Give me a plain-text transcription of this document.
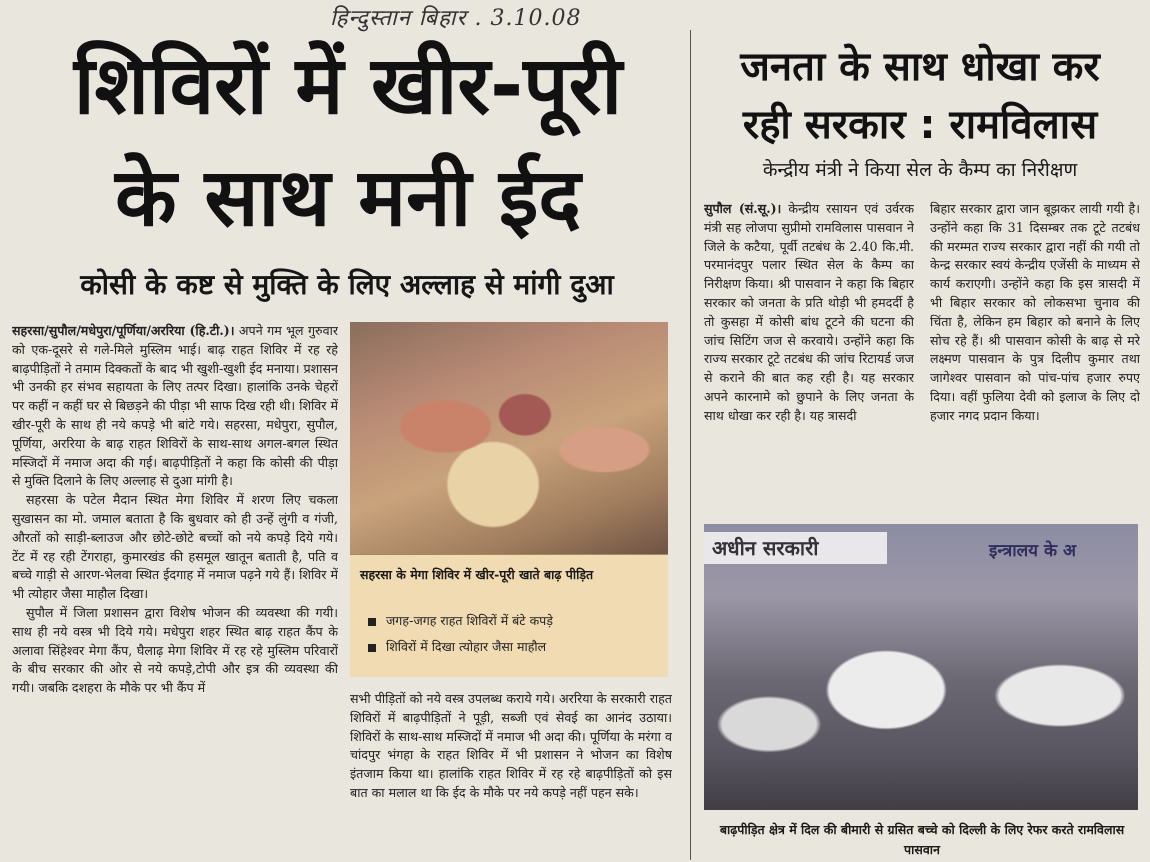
हिन्दुस्तान बिहार . 3.10.08
शिविरों में खीर-पूरी
के साथ मनी ईद
कोसी के कष्ट से मुक्ति के लिए अल्लाह से मांगी दुआ
सहरसा/सुपौल/मधेपुरा/पूर्णिया/अररिया (हि.टी.)। अपने गम भूल गुरुवार को एक-दूसरे से गले-मिले मुस्लिम भाई। बाढ़ राहत शिविर में रह रहे बाढ़पीड़ितों ने तमाम दिक्कतों के बाद भी खुशी-खुशी ईद मनाया। प्रशासन भी उनकी हर संभव सहायता के लिए तत्पर दिखा। हालांकि उनके चेहरों पर कहीं न कहीं घर से बिछड़ने की पीड़ा भी साफ दिख रही थी। शिविर में खीर-पूरी के साथ ही नये कपड़े भी बांटे गये। सहरसा, मधेपुरा, सुपौल, पूर्णिया, अररिया के बाढ़ राहत शिविरों के साथ-साथ अगल-बगल स्थित मस्जिदों में नमाज अदा की गई। बाढ़पीड़ितों ने कहा कि कोसी की पीड़ा से मुक्ति दिलाने के लिए अल्लाह से दुआ मांगी है।

सहरसा के पटेल मैदान स्थित मेगा शिविर में शरण लिए चकला सुखासन का मो. जमाल बताता है कि बुधवार को ही उन्हें लुंगी व गंजी, औरतों को साड़ी-ब्लाउज और छोटे-छोटे बच्चों को नये कपड़े दिये गये। टेंट में रह रही टेंगराहा, कुमारखंड की हसमूल खातून बताती है, पति व बच्चे गाड़ी से आरण-भेलवा स्थित ईदगाह में नमाज पढ़ने गये हैं। शिविर में भी त्योहार जैसा माहौल दिखा।

सुपौल में जिला प्रशासन द्वारा विशेष भोजन की व्यवस्था की गयी। साथ ही नये वस्त्र भी दिये गये। मधेपुरा शहर स्थित बाढ़ राहत कैंप के अलावा सिंहेश्वर मेगा कैंप, घैलाढ़ मेगा शिविर में रह रहे मुस्लिम परिवारों के बीच सरकार की ओर से नये कपड़े,टोपी और इत्र की व्यवस्था की गयी। जबकि दशहरा के मौके पर भी कैंप में

सहरसा के मेगा शिविर में खीर-पूरी खाते बाढ़ पीड़ित
जगह-जगह राहत शिविरों में बंटे कपड़े
शिविरों में दिखा त्योहार जैसा माहौल
सभी पीड़ितों को नये वस्त्र उपलब्ध कराये गये। अररिया के सरकारी राहत शिविरों में बाढ़पीड़ितों ने पूड़ी, सब्जी एवं सेवई का आनंद उठाया। शिविरों के साथ-साथ मस्जिदों में नमाज भी अदा की। पूर्णिया के मरंगा व चांदपुर भंगहा के राहत शिविर में भी प्रशासन ने भोजन का विशेष इंतजाम किया था। हालांकि राहत शिविर में रह रहे बाढ़पीड़ितों को इस बात का मलाल था कि ईद के मौके पर नये कपड़े नहीं पहन सके।
जनता के साथ धोखा कर
रही सरकार : रामविलास
केन्द्रीय मंत्री ने किया सेल के कैम्प का निरीक्षण
सुपौल (सं.सू.)। केन्द्रीय रसायन एवं उर्वरक मंत्री सह लोजपा सुप्रीमो रामविलास पासवान ने जिले के कटैया, पूर्वी तटबंध के 2.40 कि.मी. परमानंदपुर पलार स्थित सेल के कैम्प का निरीक्षण किया। श्री पासवान ने कहा कि बिहार सरकार को जनता के प्रति थोड़ी भी हमदर्दी है तो कुसहा में कोसी बांध टूटने की घटना की जांच सिटिंग जज से करवाये। उन्होंने कहा कि राज्य सरकार टूटे तटबंध की जांच रिटायर्ड जज से कराने की बात कह रही है। यह सरकार अपने कारनामे को छुपाने के लिए जनता के साथ धोखा कर रही है। यह त्रासदी
बिहार सरकार द्वारा जान बूझकर लायी गयी है। उन्होंने कहा कि 31 दिसम्बर तक टूटे तटबंध की मरम्मत राज्य सरकार द्वारा नहीं की गयी तो केन्द्र सरकार स्वयं केन्द्रीय एजेंसी के माध्यम से कार्य कराएगी। उन्होंने कहा कि इस त्रासदी में भी बिहार सरकार को लोकसभा चुनाव की चिंता है, लेकिन हम बिहार को बनाने के लिए सोच रहे हैं। श्री पासवान कोसी के बाढ़ से मरे लक्ष्मण पासवान के पुत्र दिलीप कुमार तथा जागेश्वर पासवान को पांच-पांच हजार रुपए दिया। वहीं फुलिया देवी को इलाज के लिए दो हजार नगद प्रदान किया।
अधीन सरकारी	इन्त्रालय के अ
बाढ़पीड़ित क्षेत्र में दिल की बीमारी से ग्रसित बच्चे को दिल्ली के लिए रेफर करते रामविलास पासवान
